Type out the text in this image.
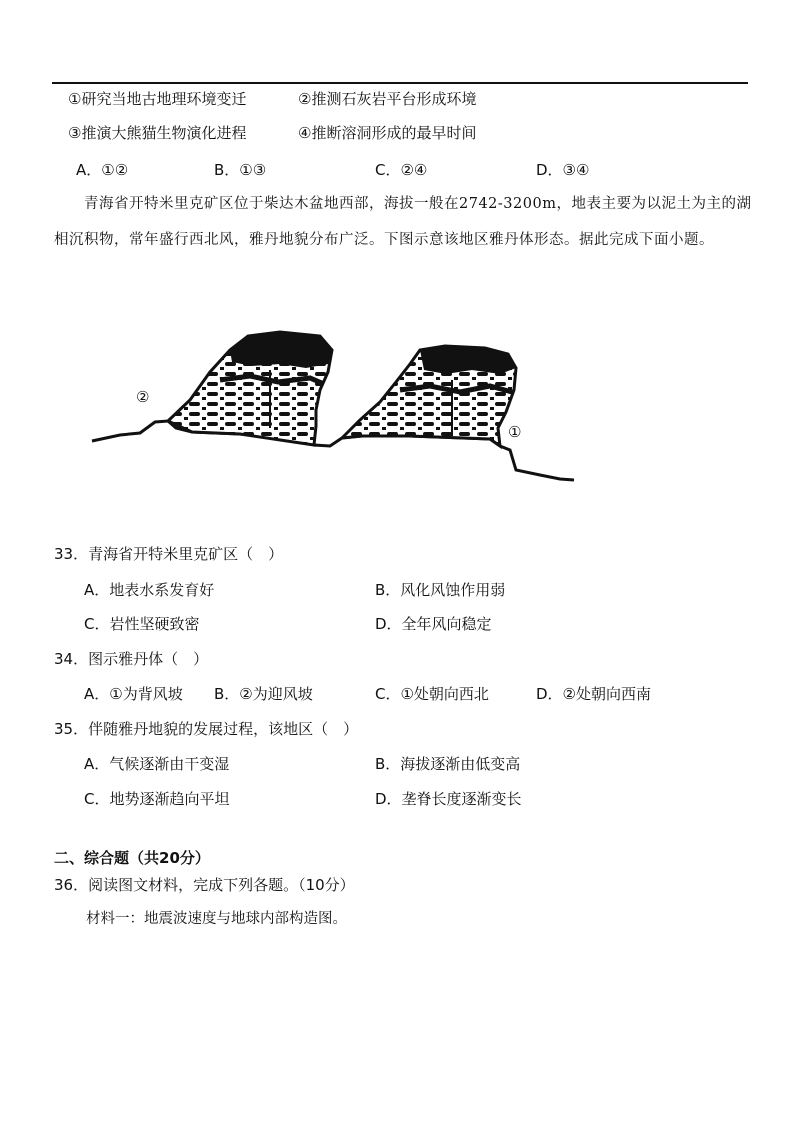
①研究当地古地理环境变迁	②推测石灰岩平台形成环境
③推演大熊猫生物演化进程	④推断溶洞形成的最早时间
A．①②	B．①③	C．②④	D．③④
青海省开特米里克矿区位于柴达木盆地西部，海拔一般在2742-3200m，地表主要为以泥土为主的湖相沉积物，常年盛行西北风，雅丹地貌分布广泛。下图示意该地区雅丹体形态。据此完成下面小题。
②
①
33．青海省开特米里克矿区（　）
A．地表水系发育好	B．风化风蚀作用弱
C．岩性坚硬致密	D．全年风向稳定
34．图示雅丹体（　）
A．①为背风坡 B．②为迎风坡	C．①处朝向西北	D．②处朝向西南
35．伴随雅丹地貌的发展过程，该地区（　）
A．气候逐渐由干变湿	B．海拔逐渐由低变高
C．地势逐渐趋向平坦	D．垄脊长度逐渐变长
二、综合题（共20分）
36．阅读图文材料，完成下列各题。（10分）
材料一：地震波速度与地球内部构造图。
